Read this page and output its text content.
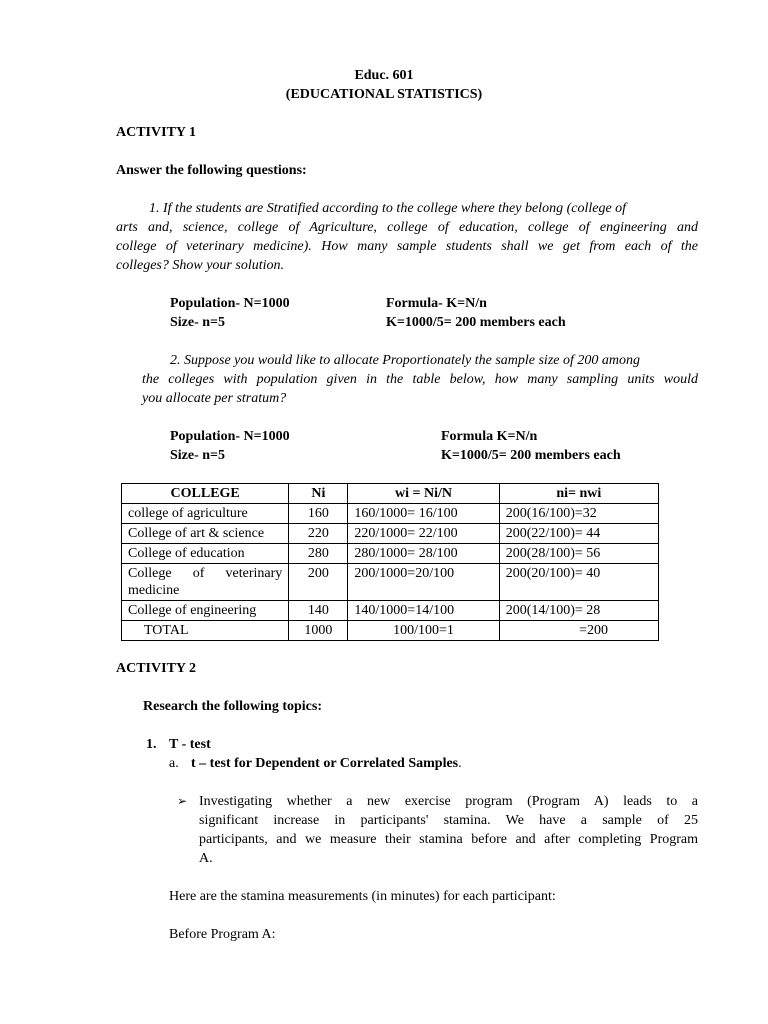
Educ. 601
(EDUCATIONAL STATISTICS)
ACTIVITY 1
Answer the following questions:
1. If the students are Stratified according to the college where they belong (college of
arts and, science, college of Agriculture, college of education, college of engineering and
college of veterinary medicine). How many sample students shall we get from each of the
colleges? Show your solution.
Population- N=1000
Size- n=5
Formula- K=N/n
K=1000/5= 200 members each
2. Suppose you would like to allocate Proportionately the sample size of 200 among
the colleges with population given in the table below, how many sampling units would
you allocate per stratum?
Population- N=1000
Size- n=5
Formula K=N/n
K=1000/5= 200 members each
COLLEGE	Ni	wi = Ni/N	ni= nwi
college of agriculture	160	160/1000= 16/100	200(16/100)=32
College of art & science	220	220/1000= 22/100	200(22/100)= 44
College of education	280	280/1000= 28/100	200(28/100)= 56

College of veterinary
medicine	200	200/1000=20/100	200(20/100)= 40
College of engineering	140	140/1000=14/100	200(14/100)= 28
TOTAL	1000	100/100=1	=200
ACTIVITY 2
Research the following topics:
1. T - test
a. t – test for Dependent or Correlated Samples.
➢ Investigating whether a new exercise program (Program A) leads to a
significant increase in participants' stamina. We have a sample of 25
participants, and we measure their stamina before and after completing Program
A.
Here are the stamina measurements (in minutes) for each participant:
Before Program A:
